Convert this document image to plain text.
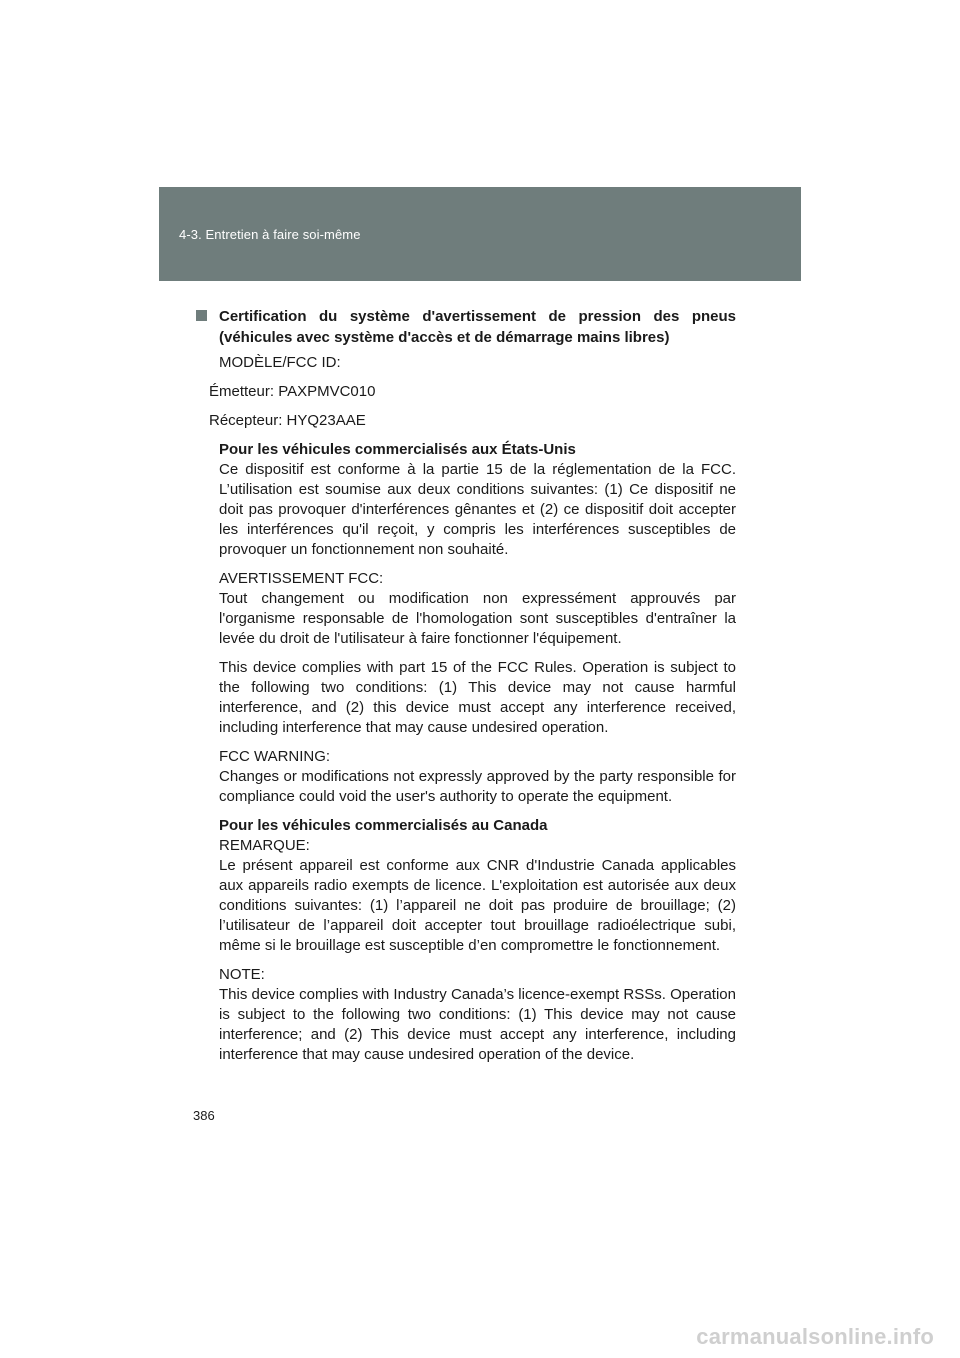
4-3. Entretien à faire soi-même
Certification du système d'avertissement de pression des pneus (véhicules avec système d'accès et de démarrage mains libres)
MODÈLE/FCC ID:
Émetteur: PAXPMVC010
Récepteur: HYQ23AAE
Pour les véhicules commercialisés aux États-Unis
Ce dispositif est conforme à la partie 15 de la réglementation de la FCC. L’utilisation est soumise aux deux conditions suivantes: (1) Ce dispositif ne doit pas provoquer d'interférences gênantes et (2) ce dispositif doit accepter les interférences qu'il reçoit, y compris les interférences susceptibles de provoquer un fonctionnement non souhaité.
AVERTISSEMENT FCC:
Tout changement ou modification non expressément approuvés par l'organisme responsable de l'homologation sont susceptibles d'entraîner la levée du droit de l'utilisateur à faire fonctionner l'équipement.
This device complies with part 15 of the FCC Rules. Operation is subject to the following two conditions: (1) This device may not cause harmful interference, and (2) this device must accept any interference received, including interference that may cause undesired operation.
FCC WARNING:
Changes or modifications not expressly approved by the party responsible for compliance could void the user's authority to operate the equipment.
Pour les véhicules commercialisés au Canada
REMARQUE:
Le présent appareil est conforme aux CNR d'Industrie Canada applicables aux appareils radio exempts de licence. L'exploitation est autorisée aux deux conditions suivantes: (1) l’appareil ne doit pas produire de brouillage; (2) l’utilisateur de l’appareil doit accepter tout brouillage radioélectrique subi, même si le brouillage est susceptible d’en compromettre le fonctionnement.
NOTE:
This device complies with Industry Canada’s licence-exempt RSSs. Operation is subject to the following two conditions: (1) This device may not cause interference; and (2) This device must accept any interference, including interference that may cause undesired operation of the device.
386
carmanualsonline.info
